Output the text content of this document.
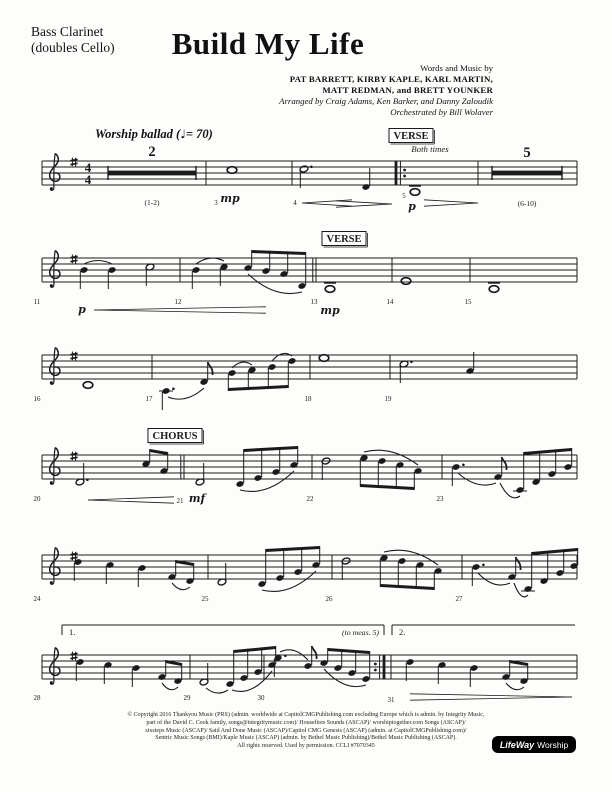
Bass Clarinet
(doubles Cello)	Build My Life
Words and Music by
PAT BARRETT, KIRBY KAPLE, KARL MARTIN,
MATT REDMAN, and BRETT YOUNKER
Arranged by Craig Adams, Ken Barker, and Danny Zaloudik
Orchestrated by Bill Wolaver
Worship ballad (♩= 70)
4
4
2
(1-2)
5
(6-10)
3	4
5
mp
p
VERSE
Both times
11	12	13	14	15
p	mp
VERSE
16	17	18	19
20	21	22	23
mf
CHORUS
24	25	26	27
1.	(to meas. 5) 2.
28	29	30	31
© Copyright 2016 Thankyou Music (PRS) (admin. worldwide at CapitolCMGPublishing.com excluding Europe which is admin. by Integrity Music,
part of the David C. Cook family, songs@integritymusic.com)/ Housefires Sounds (ASCAP)/ worshiptogether.com Songs (ASCAP)/
sixsteps Music (ASCAP)/ Said And Done Music (ASCAP)/Capitol CMG Genesis (ASCAP) (admin. at CapitolCMGPublishing.com)/
Sentric Music Songs (BMI)/Kaple Music (ASCAP) (admin. by Bethel Music Publishing)/Bethel Music Publishing (ASCAP).
All rights reserved. Used by permission. CCLI #7070345	LifeWay Worship
